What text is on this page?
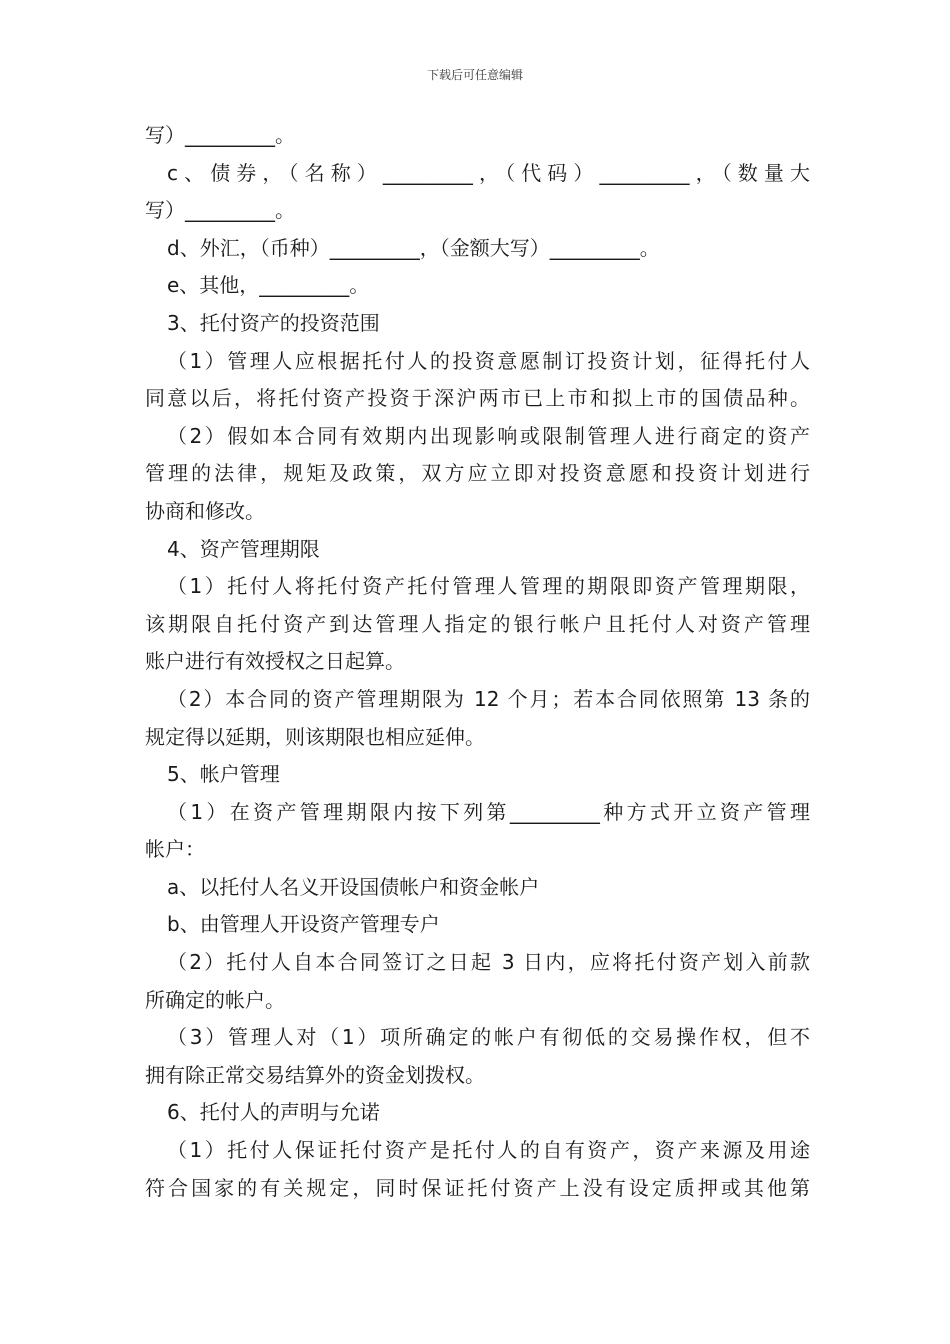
下载后可任意编辑
写）_________。
c、债券，（名称）_________，（代码）_________，（数量大
写）_________。
d、外汇，（币种）_________，（金额大写）_________。
e、其他，_________。
3、托付资产的投资范围
（1）管理人应根据托付人的投资意愿制订投资计划，征得托付人
同意以后，将托付资产投资于深沪两市已上市和拟上市的国债品种。
（2）假如本合同有效期内出现影响或限制管理人进行商定的资产
管理的法律，规矩及政策，双方应立即对投资意愿和投资计划进行
协商和修改。
4、资产管理期限
（1）托付人将托付资产托付管理人管理的期限即资产管理期限，
该期限自托付资产到达管理人指定的银行帐户且托付人对资产管理
账户进行有效授权之日起算。
（2）本合同的资产管理期限为 12 个月；若本合同依照第 13 条的
规定得以延期，则该期限也相应延伸。
5、帐户管理
（1）在资产管理期限内按下列第_________种方式开立资产管理
帐户：
a、以托付人名义开设国债帐户和资金帐户
b、由管理人开设资产管理专户
（2）托付人自本合同签订之日起 3 日内，应将托付资产划入前款
所确定的帐户。
（3）管理人对（1）项所确定的帐户有彻低的交易操作权，但不
拥有除正常交易结算外的资金划拨权。
6、托付人的声明与允诺
（1）托付人保证托付资产是托付人的自有资产，资产来源及用途
符合国家的有关规定，同时保证托付资产上没有设定质押或其他第
